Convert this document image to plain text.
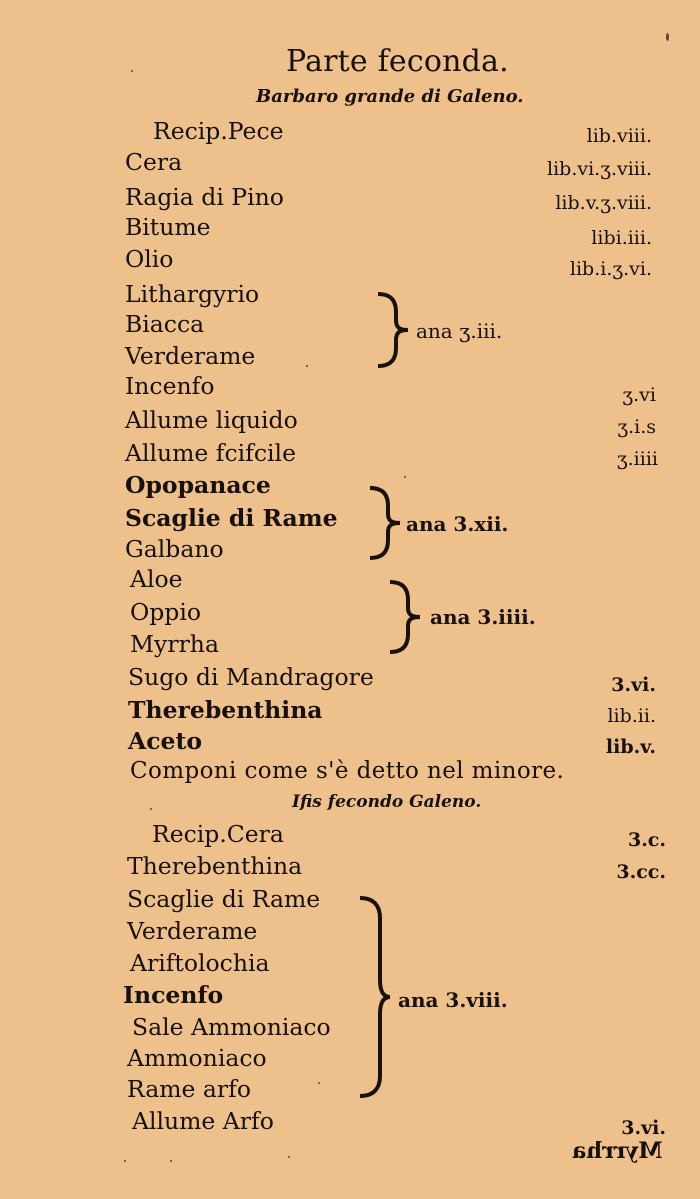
Parte feconda.
Barbaro grande di Galeno.
Recip.Pece
Cera
Ragia di Pino
Bitume
Olio
Lithargyrio
Biacca
Verderame
Incenfo
Allume liquido
Allume fcifcile
Opopanace
Scaglie di Rame
Galbano
Aloe
Oppio
Myrrha
Sugo di Mandragore
Therebenthina
Aceto
lib.viii.
lib.vi.ʒ.viii.
lib.v.ʒ.viii.
libi.iii.
lib.i.ʒ.vi.
ʒ.vi
ʒ.i.s
ʒ.iiii
3.vi.
lib.ii.
lib.v.
ana ʒ.iii.
ana 3.xii.
ana 3.iiii.
Componi come s'è detto nel minore.
Ifis fecondo Galeno.
Recip.Cera
Therebenthina
Scaglie di Rame
Verderame
Ariftolochia
Incenfo
Sale Ammoniaco
Ammoniaco
Rame arfo
Allume Arfo
3.c.
3.cc.
3.vi.
ana 3.viii.
Myrrha
